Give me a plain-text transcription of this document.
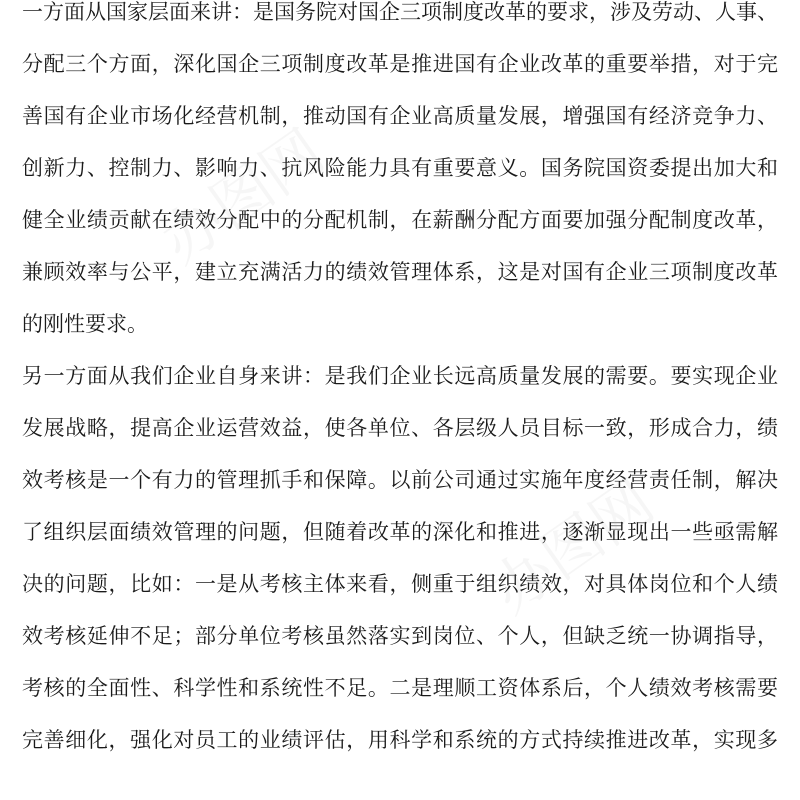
一方面从国家层面来讲：是国务院对国企三项制度改革的要求，涉及劳动、人事、
分配三个方面，深化国企三项制度改革是推进国有企业改革的重要举措，对于完
善国有企业市场化经营机制，推动国有企业高质量发展，增强国有经济竞争力、
创新力、控制力、影响力、抗风险能力具有重要意义。国务院国资委提出加大和
健全业绩贡献在绩效分配中的分配机制，在薪酬分配方面要加强分配制度改革，
兼顾效率与公平，建立充满活力的绩效管理体系，这是对国有企业三项制度改革
的刚性要求。
另一方面从我们企业自身来讲：是我们企业长远高质量发展的需要。要实现企业
发展战略，提高企业运营效益，使各单位、各层级人员目标一致，形成合力，绩
效考核是一个有力的管理抓手和保障。以前公司通过实施年度经营责任制，解决
了组织层面绩效管理的问题，但随着改革的深化和推进，逐渐显现出一些亟需解
决的问题，比如：一是从考核主体来看，侧重于组织绩效，对具体岗位和个人绩
效考核延伸不足；部分单位考核虽然落实到岗位、个人，但缺乏统一协调指导，
考核的全面性、科学性和系统性不足。二是理顺工资体系后，个人绩效考核需要
完善细化，强化对员工的业绩评估，用科学和系统的方式持续推进改革，实现多
办图网
办图网
